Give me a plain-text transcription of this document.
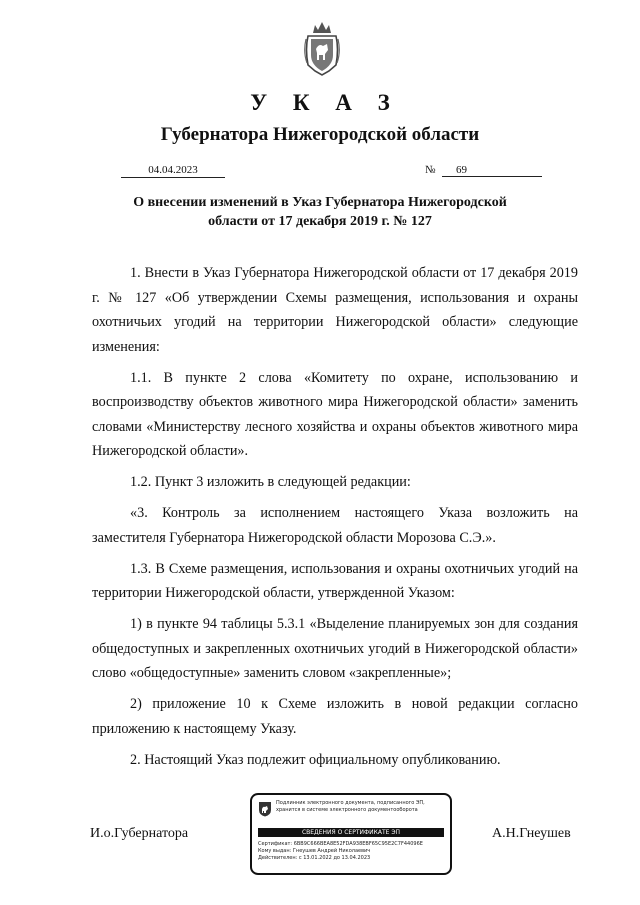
У К А З
Губернатора Нижегородской области
04.04.2023	№	69
О внесении изменений в Указ Губернатора Нижегородской
области от 17 декабря 2019 г. № 127

1. Внести в Указ Губернатора Нижегородской области от 17 декабря 2019 г. № 127 «Об утверждении Схемы размещения, использования и охраны охотничьих угодий на территории Нижегородской области» следующие изменения:

1.1. В пункте 2 слова «Комитету по охране, использованию и воспроизводству объектов животного мира Нижегородской области» заменить словами «Министерству лесного хозяйства и охраны объектов животного мира Нижегородской области».

1.2. Пункт 3 изложить в следующей редакции:

«3. Контроль за исполнением настоящего Указа возложить на заместителя Губернатора Нижегородской области Морозова С.Э.».

1.3. В Схеме размещения, использования и охраны охотничьих угодий на территории Нижегородской области, утвержденной Указом:

1) в пункте 94 таблицы 5.3.1 «Выделение планируемых зон для создания общедоступных и закрепленных охотничьих угодий в Нижегородской области» слово «общедоступные» заменить словом «закрепленные»;

2) приложение 10 к Схеме изложить в новой редакции согласно приложению к настоящему Указу.

2. Настоящий Указ подлежит официальному опубликованию.

И.о.Губернатора
Подлинник электронного документа, подписанного ЭП,
хранится в системе электронного документооборота
СВЕДЕНИЯ О СЕРТИФИКАТЕ ЭП
Сертификат: 6BB9C666BEA8E52FDA938EBF65C95E2C7F44096E
Кому выдан: Гнеушев Андрей Николаевич
Действителен: с 13.01.2022 до 13.04.2023
А.Н.Гнеушев
